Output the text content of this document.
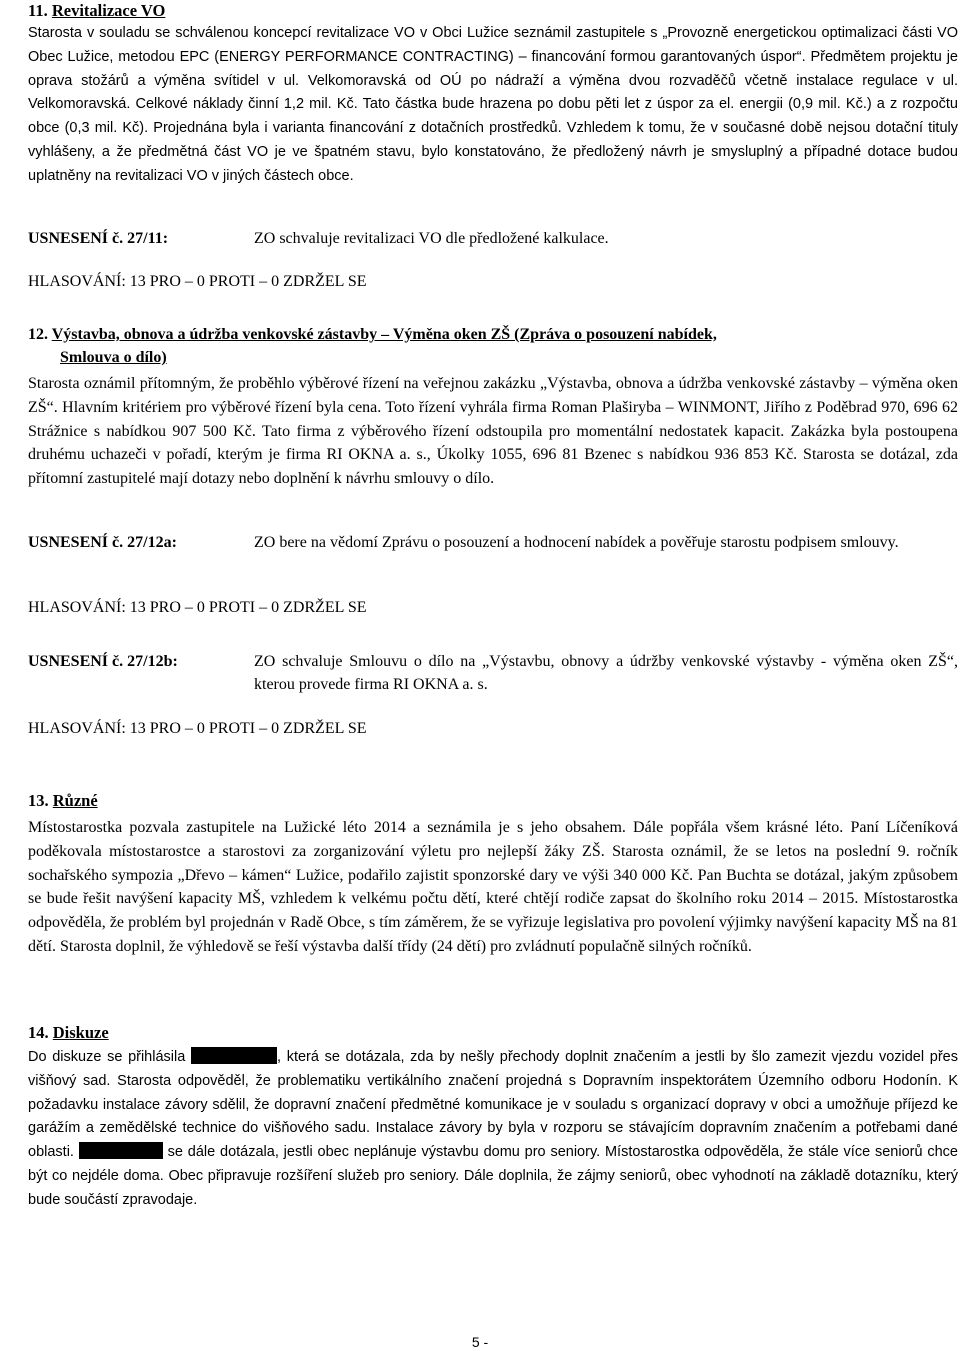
11. Revitalizace VO
Starosta v souladu se schválenou koncepcí revitalizace VO v Obci Lužice seznámil zastupitele s „Provozně energetickou optimalizaci části VO Obec Lužice, metodou EPC (ENERGY PERFORMANCE CONTRACTING) – financování formou garantovaných úspor“. Předmětem projektu je oprava stožárů a výměna svítidel v ul. Velkomoravská od OÚ po nádraží a výměna dvou rozvaděčů včetně instalace regulace v ul. Velkomoravská. Celkové náklady činní 1,2 mil. Kč. Tato částka bude hrazena po dobu pěti let z úspor za el. energii (0,9 mil. Kč.) a z rozpočtu obce (0,3 mil. Kč). Projednána byla i varianta financování z dotačních prostředků. Vzhledem k tomu, že v současné době nejsou dotační tituly vyhlášeny, a že předmětná část VO je ve špatném stavu, bylo konstatováno, že předložený návrh je smysluplný a případné dotace budou uplatněny na revitalizaci VO v jiných částech obce.
USNESENÍ č. 27/11:	ZO schvaluje revitalizaci VO dle předložené kalkulace.
HLASOVÁNÍ: 13 PRO – 0 PROTI – 0 ZDRŽEL SE
12. Výstavba, obnova a údržba venkovské zástavby – Výměna oken ZŠ (Zpráva o posouzení nabídek,
Smlouva o dílo)
Starosta oznámil přítomným, že proběhlo výběrové řízení na veřejnou zakázku „Výstavba, obnova a údržba venkovské zástavby – výměna oken ZŠ“. Hlavním kritériem pro výběrové řízení byla cena. Toto řízení vyhrála firma Roman Plaširyba – WINMONT, Jiřího z Poděbrad 970, 696 62 Strážnice s nabídkou 907 500 Kč. Tato firma z výběrového řízení odstoupila pro momentální nedostatek kapacit. Zakázka byla postoupena druhému uchazeči v pořadí, kterým je firma RI OKNA a. s., Úkolky 1055, 696 81 Bzenec s nabídkou 936 853 Kč. Starosta se dotázal, zda přítomní zastupitelé mají dotazy nebo doplnění k návrhu smlouvy o dílo.
USNESENÍ č. 27/12a:	ZO bere na vědomí Zprávu o posouzení a hodnocení nabídek a pověřuje starostu podpisem smlouvy.
HLASOVÁNÍ: 13 PRO – 0 PROTI – 0 ZDRŽEL SE
USNESENÍ č. 27/12b:	ZO schvaluje Smlouvu o dílo na „Výstavbu, obnovy a údržby venkovské výstavby - výměna oken ZŠ“, kterou provede firma RI OKNA a. s.
HLASOVÁNÍ: 13 PRO – 0 PROTI – 0 ZDRŽEL SE
13. Různé
Místostarostka pozvala zastupitele na Lužické léto 2014 a seznámila je s jeho obsahem. Dále popřála všem krásné léto. Paní Líčeníková poděkovala místostarostce a starostovi za zorganizování výletu pro nejlepší žáky ZŠ. Starosta oznámil, že se letos na poslední 9. ročník sochařského sympozia „Dřevo – kámen“ Lužice, podařilo zajistit sponzorské dary ve výši 340 000 Kč. Pan Buchta se dotázal, jakým způsobem se bude řešit navýšení kapacity MŠ, vzhledem k velkému počtu dětí, které chtějí rodiče zapsat do školního roku 2014 – 2015. Místostarostka odpověděla, že problém byl projednán v Radě Obce, s tím záměrem, že se vyřizuje legislativa pro povolení výjimky navýšení kapacity MŠ na 81 dětí. Starosta doplnil, že výhledově se řeší výstavba další třídy (24 dětí) pro zvládnutí populačně silných ročníků.
14. Diskuze
Do diskuze se přihlásila	, která se dotázala, zda by nešly přechody doplnit značením a jestli by šlo zamezit vjezdu vozidel přes višňový sad. Starosta odpověděl, že problematiku vertikálního značení projedná s Dopravním inspektorátem Územního odboru Hodonín. K požadavku instalace závory sdělil, že dopravní značení předmětné komunikace je v souladu s organizací dopravy v obci a umožňuje příjezd ke garážím a zemědělské technice do višňového sadu. Instalace závory by byla v rozporu se stávajícím dopravním značením a potřebami dané oblasti.	se dále dotázala, jestli obec neplánuje výstavbu domu pro seniory. Místostarostka odpověděla, že stále více seniorů chce být co nejdéle doma. Obec připravuje rozšíření služeb pro seniory. Dále doplnila, že zájmy seniorů, obec vyhodnotí na základě dotazníku, který bude součástí zpravodaje.
5 -
